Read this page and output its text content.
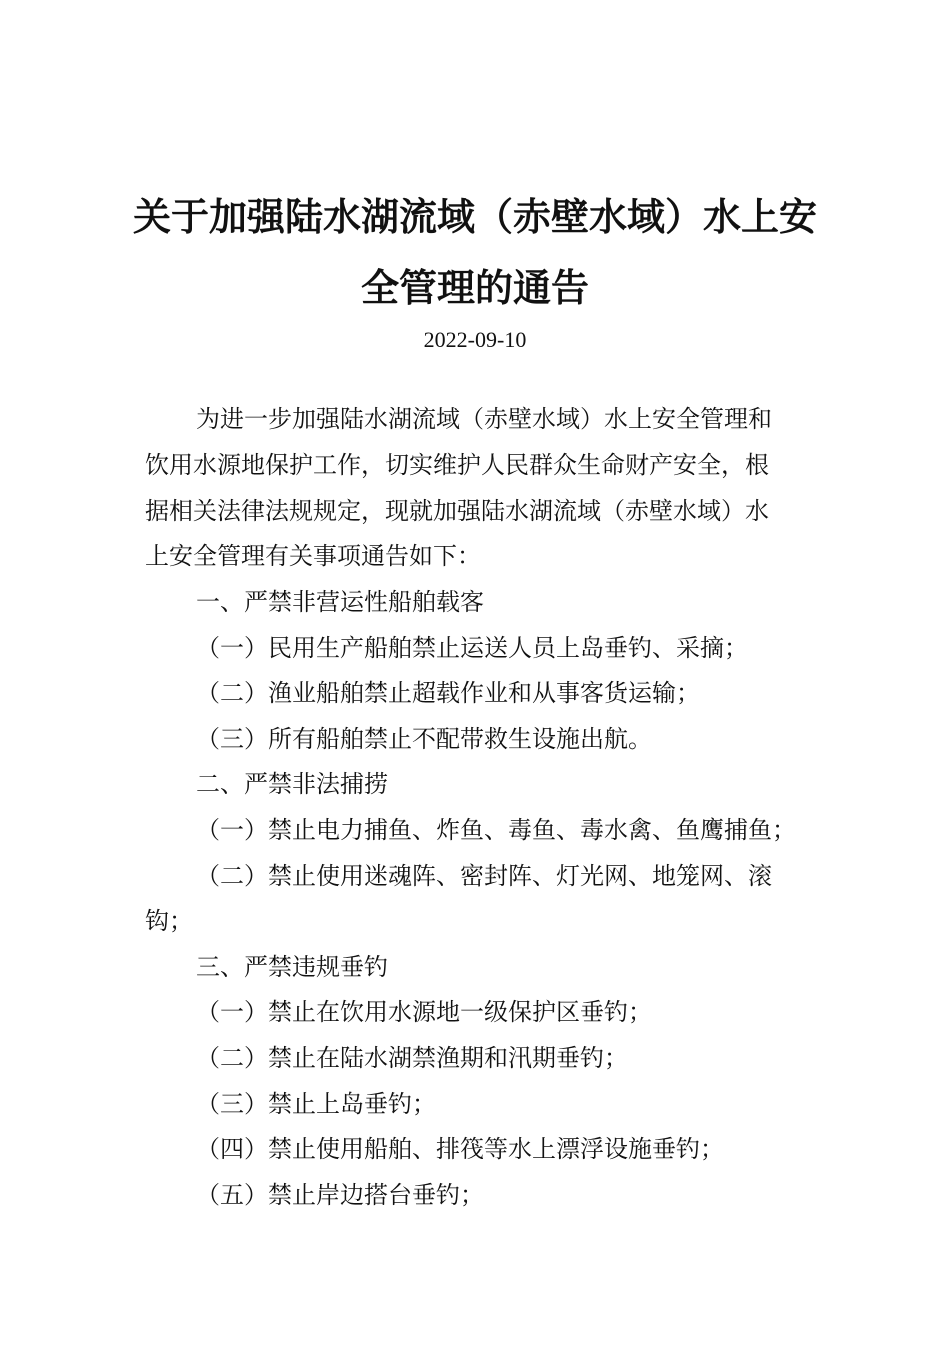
关于加强陆水湖流域（赤壁水域）水上安
全管理的通告
2022-09-10
为进一步加强陆水湖流域（赤壁水域）水上安全管理和
饮用水源地保护工作，切实维护人民群众生命财产安全，根
据相关法律法规规定，现就加强陆水湖流域（赤壁水域）水
上安全管理有关事项通告如下：
一、严禁非营运性船舶载客
（一）民用生产船舶禁止运送人员上岛垂钓、采摘；
（二）渔业船舶禁止超载作业和从事客货运输；
（三）所有船舶禁止不配带救生设施出航。
二、严禁非法捕捞
（一）禁止电力捕鱼、炸鱼、毒鱼、毒水禽、鱼鹰捕鱼；
（二）禁止使用迷魂阵、密封阵、灯光网、地笼网、滚
钩；
三、严禁违规垂钓
（一）禁止在饮用水源地一级保护区垂钓；
（二）禁止在陆水湖禁渔期和汛期垂钓；
（三）禁止上岛垂钓；
（四）禁止使用船舶、排筏等水上漂浮设施垂钓；
（五）禁止岸边搭台垂钓；
